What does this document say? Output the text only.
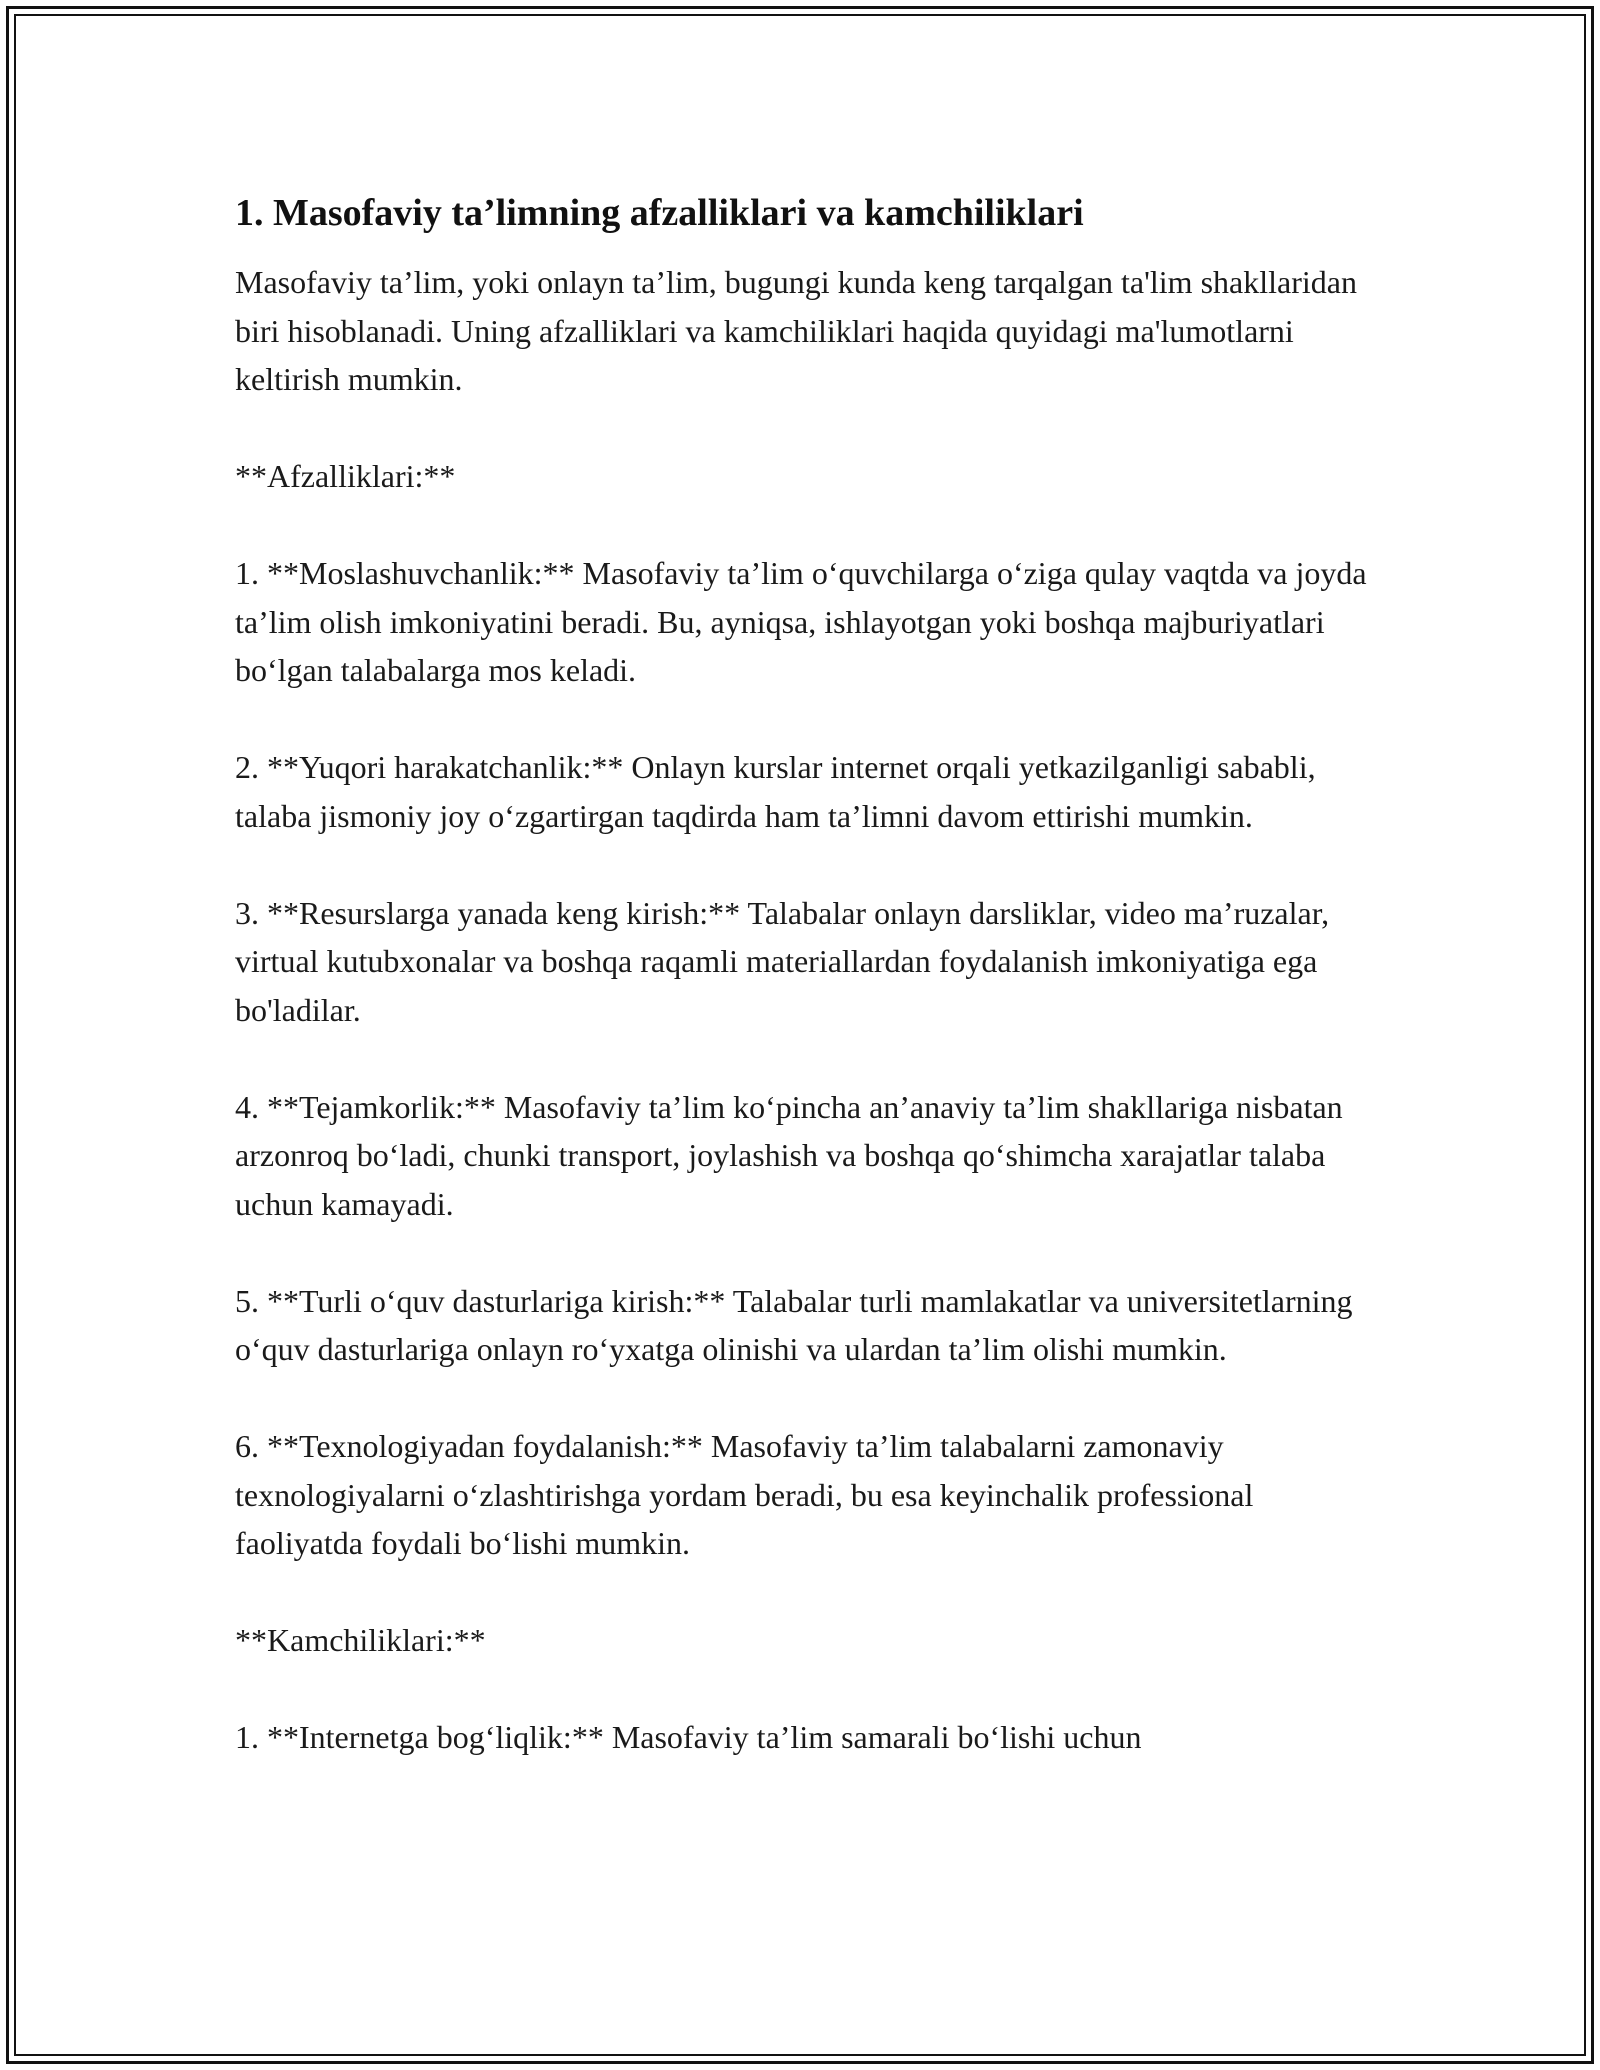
1. Masofaviy ta’limning afzalliklari va kamchiliklari

Masofaviy ta’lim, yoki onlayn ta’lim, bugungi kunda keng tarqalgan ta'lim shakllaridan biri hisoblanadi. Uning afzalliklari va kamchiliklari haqida quyidagi ma'lumotlarni keltirish mumkin.

**Afzalliklari:**

1. **Moslashuvchanlik:** Masofaviy ta’lim o‘quvchilarga o‘ziga qulay vaqtda va joyda ta’lim olish imkoniyatini beradi. Bu, ayniqsa, ishlayotgan yoki boshqa majburiyatlari bo‘lgan talabalarga mos keladi.

2. **Yuqori harakatchanlik:** Onlayn kurslar internet orqali yetkazilganligi sababli, talaba jismoniy joy o‘zgartirgan taqdirda ham ta’limni davom ettirishi mumkin.

3. **Resurslarga yanada keng kirish:** Talabalar onlayn darsliklar, video ma’ruzalar, virtual kutubxonalar va boshqa raqamli materiallardan foydalanish imkoniyatiga ega bo'ladilar.

4. **Tejamkorlik:** Masofaviy ta’lim ko‘pincha an’anaviy ta’lim shakllariga nisbatan arzonroq bo‘ladi, chunki transport, joylashish va boshqa qo‘shimcha xarajatlar talaba uchun kamayadi.

5. **Turli o‘quv dasturlariga kirish:** Talabalar turli mamlakatlar va universitetlarning o‘quv dasturlariga onlayn ro‘yxatga olinishi va ulardan ta’lim olishi mumkin.

6. **Texnologiyadan foydalanish:** Masofaviy ta’lim talabalarni zamonaviy texnologiyalarni o‘zlashtirishga yordam beradi, bu esa keyinchalik professional faoliyatda foydali bo‘lishi mumkin.

**Kamchiliklari:**

1. **Internetga bog‘liqlik:** Masofaviy ta’lim samarali bo‘lishi uchun
